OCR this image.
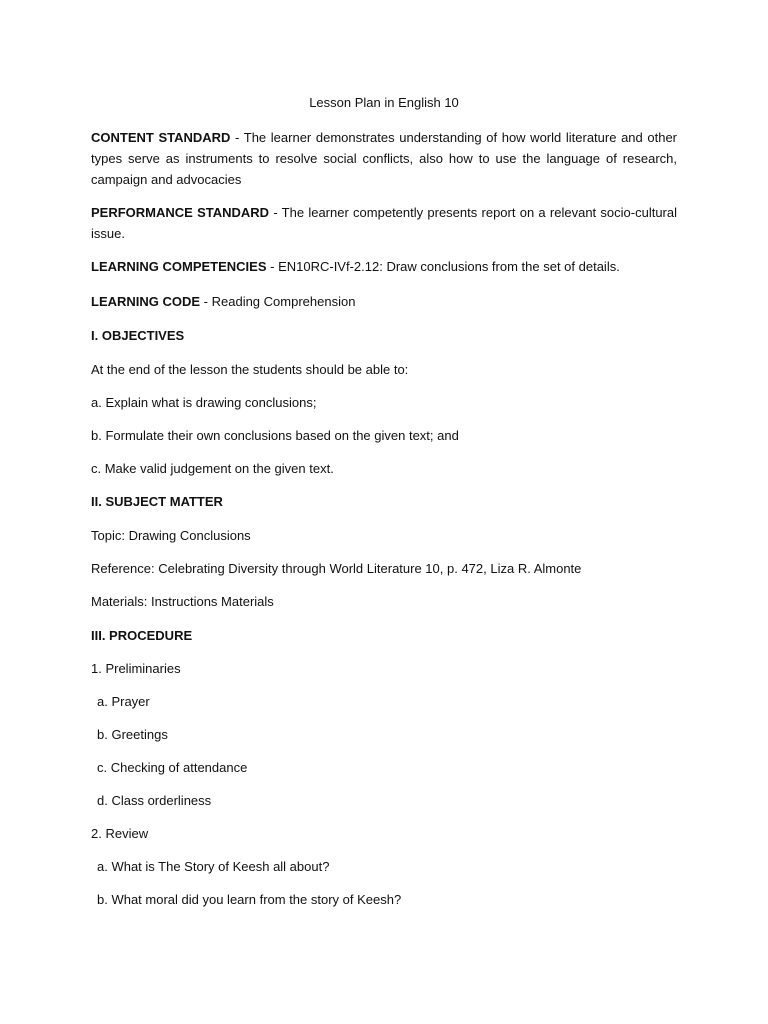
Lesson Plan in English 10

CONTENT STANDARD - The learner demonstrates understanding of how world literature and other types serve as instruments to resolve social conflicts, also how to use the language of research, campaign and advocacies

PERFORMANCE STANDARD - The learner competently presents report on a relevant socio-cultural issue.

LEARNING COMPETENCIES - EN10RC-IVf-2.12: Draw conclusions from the set of details.

LEARNING CODE - Reading Comprehension

I. OBJECTIVES

At the end of the lesson the students should be able to:

a. Explain what is drawing conclusions;

b. Formulate their own conclusions based on the given text; and

c. Make valid judgement on the given text.

II. SUBJECT MATTER

Topic: Drawing Conclusions

Reference: Celebrating Diversity through World Literature 10, p. 472, Liza R. Almonte

Materials: Instructions Materials

III. PROCEDURE

1. Preliminaries

a. Prayer

b. Greetings

c. Checking of attendance

d. Class orderliness

2. Review

a. What is The Story of Keesh all about?

b. What moral did you learn from the story of Keesh?
